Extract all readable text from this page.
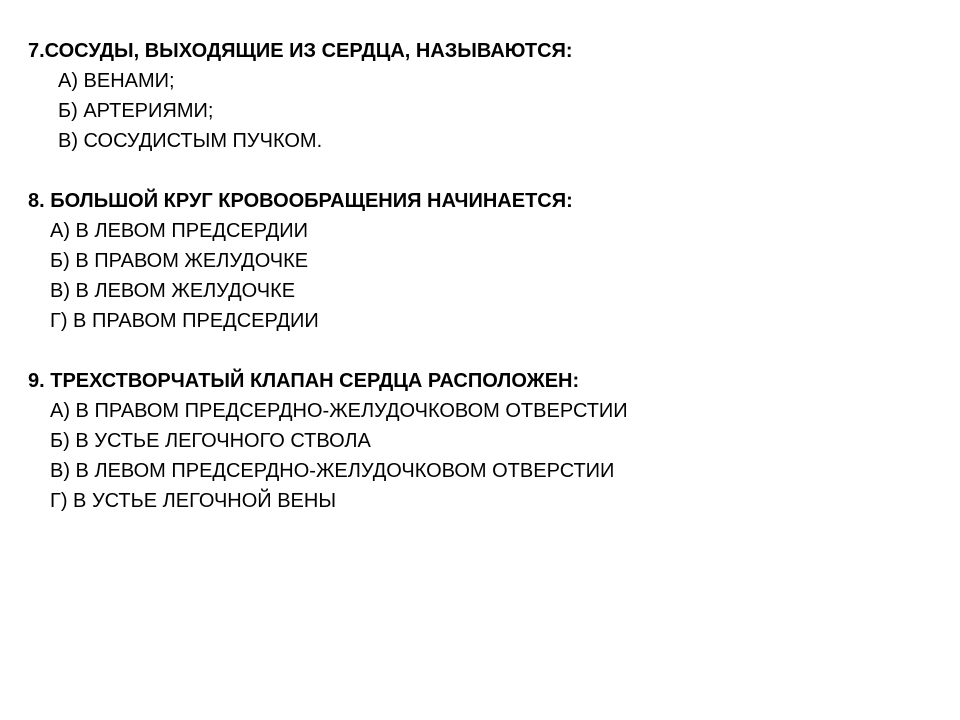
7.СОСУДЫ, ВЫХОДЯЩИЕ ИЗ СЕРДЦА, НАЗЫВАЮТСЯ:
А) ВЕНАМИ;
Б) АРТЕРИЯМИ;
В) СОСУДИСТЫМ ПУЧКОМ.
8. БОЛЬШОЙ КРУГ КРОВООБРАЩЕНИЯ НАЧИНАЕТСЯ:
А) В ЛЕВОМ ПРЕДСЕРДИИ
Б) В ПРАВОМ ЖЕЛУДОЧКЕ
В) В ЛЕВОМ ЖЕЛУДОЧКЕ
Г) В ПРАВОМ ПРЕДСЕРДИИ
9. ТРЕХСТВОРЧАТЫЙ КЛАПАН СЕРДЦА РАСПОЛОЖЕН:
А) В ПРАВОМ ПРЕДСЕРДНО-ЖЕЛУДОЧКОВОМ ОТВЕРСТИИ
Б) В УСТЬЕ ЛЕГОЧНОГО СТВОЛА
В) В ЛЕВОМ ПРЕДСЕРДНО-ЖЕЛУДОЧКОВОМ ОТВЕРСТИИ
Г) В УСТЬЕ ЛЕГОЧНОЙ ВЕНЫ
